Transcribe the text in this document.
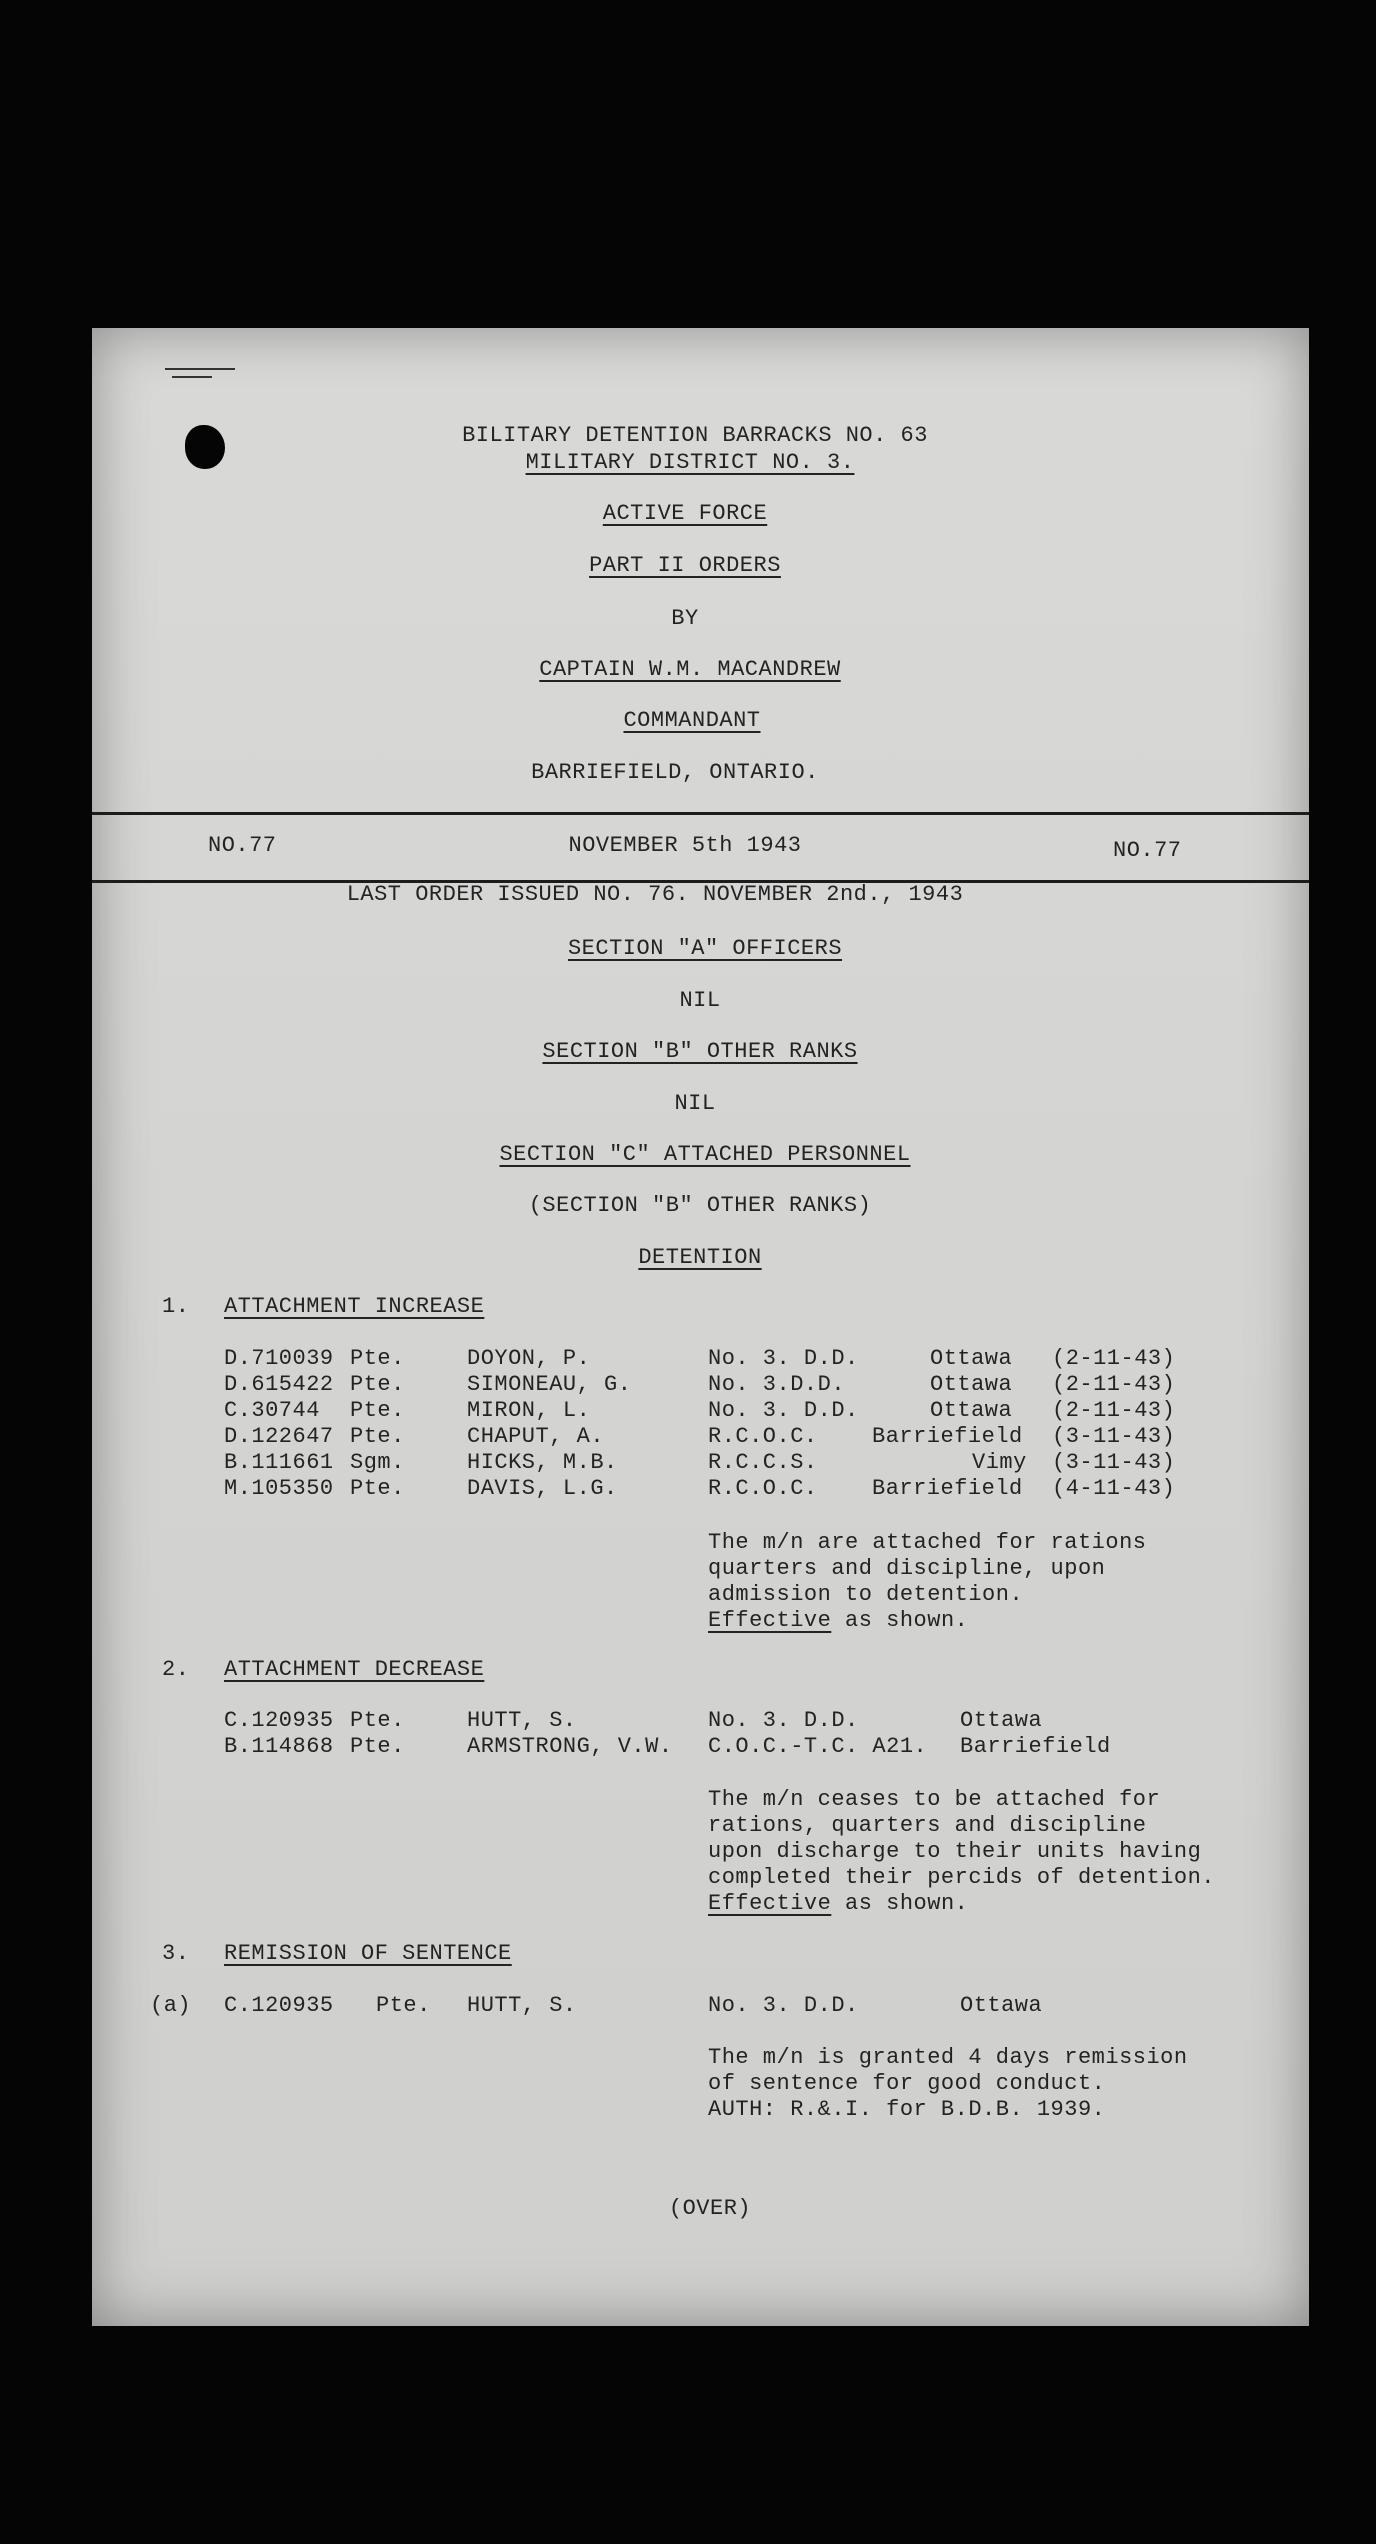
BILITARY DETENTION BARRACKS NO. 63
MILITARY DISTRICT NO. 3.
ACTIVE FORCE
PART II ORDERS
BY
CAPTAIN W.M. MACANDREW
COMMANDANT
BARRIEFIELD, ONTARIO.
NO.77	NOVEMBER 5th 1943	NO.77
LAST ORDER ISSUED NO. 76. NOVEMBER 2nd., 1943
SECTION "A" OFFICERS
NIL
SECTION "B" OTHER RANKS
NIL
SECTION "C" ATTACHED PERSONNEL
(SECTION "B" OTHER RANKS)
DETENTION
1. ATTACHMENT INCREASE
D.710039 Pte.	DOYON, P.	No. 3. D.D.	Ottawa (2-11-43)
D.615422 Pte.	SIMONEAU, G.	No. 3.D.D.	Ottawa (2-11-43)
C.30744 Pte.	MIRON, L.	No. 3. D.D.	Ottawa (2-11-43)
D.122647 Pte.	CHAPUT, A.	R.C.O.C. Barriefield (3-11-43)
B.111661 Sgm.	HICKS, M.B.	R.C.C.S.	Vimy (3-11-43)
M.105350 Pte.	DAVIS, L.G.	R.C.O.C. Barriefield (4-11-43)
The m/n are attached for rations
quarters and discipline, upon
admission to detention.
Effective as shown.
2. ATTACHMENT DECREASE
C.120935 Pte.	HUTT, S.	No. 3. D.D.	Ottawa
B.114868 Pte.	ARMSTRONG, V.W. C.O.C.-T.C. A21. Barriefield
The m/n ceases to be attached for
rations, quarters and discipline
upon discharge to their units having
completed their percids of detention.
Effective as shown.
3. REMISSION OF SENTENCE
(a) C.120935 Pte. HUTT, S.	No. 3. D.D.	Ottawa
The m/n is granted 4 days remission
of sentence for good conduct.
AUTH: R.&.I. for B.D.B. 1939.
(OVER)
